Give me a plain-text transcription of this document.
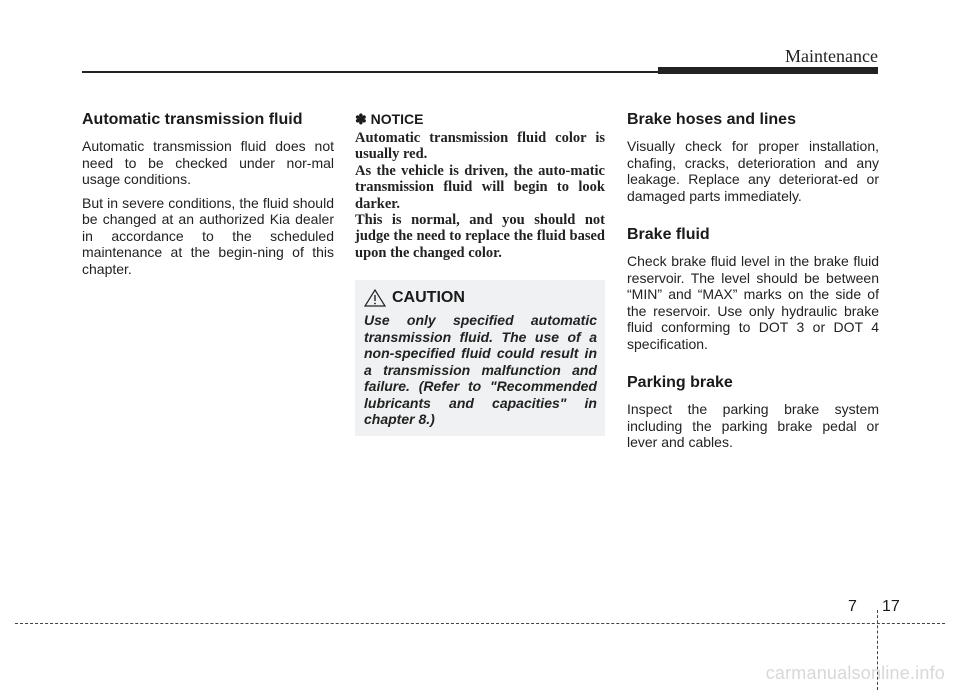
Maintenance
Automatic transmission fluid

Automatic transmission fluid does not need to be checked under nor-mal usage conditions.

But in severe conditions, the fluid should be changed at an authorized Kia dealer in accordance to the scheduled maintenance at the begin-ning of this chapter.

✽ NOTICE

Automatic transmission fluid color is usually red.

As the vehicle is driven, the auto-matic transmission fluid will begin to look darker.

This is normal, and you should not judge the need to replace the fluid based upon the changed color.

CAUTION

Use only specified automatic transmission fluid. The use of a non-specified fluid could result in a transmission malfunction and failure. (Refer to "Recommended lubricants and capacities" in chapter 8.)

Brake hoses and lines

Visually check for proper installation, chafing, cracks, deterioration and any leakage. Replace any deteriorat-ed or damaged parts immediately.

Brake fluid

Check brake fluid level in the brake fluid reservoir. The level should be between “MIN” and “MAX” marks on the side of the reservoir. Use only hydraulic brake fluid conforming to DOT 3 or DOT 4 specification.

Parking brake

Inspect the parking brake system including the parking brake pedal or lever and cables.

7 17
carmanualsonline.info
